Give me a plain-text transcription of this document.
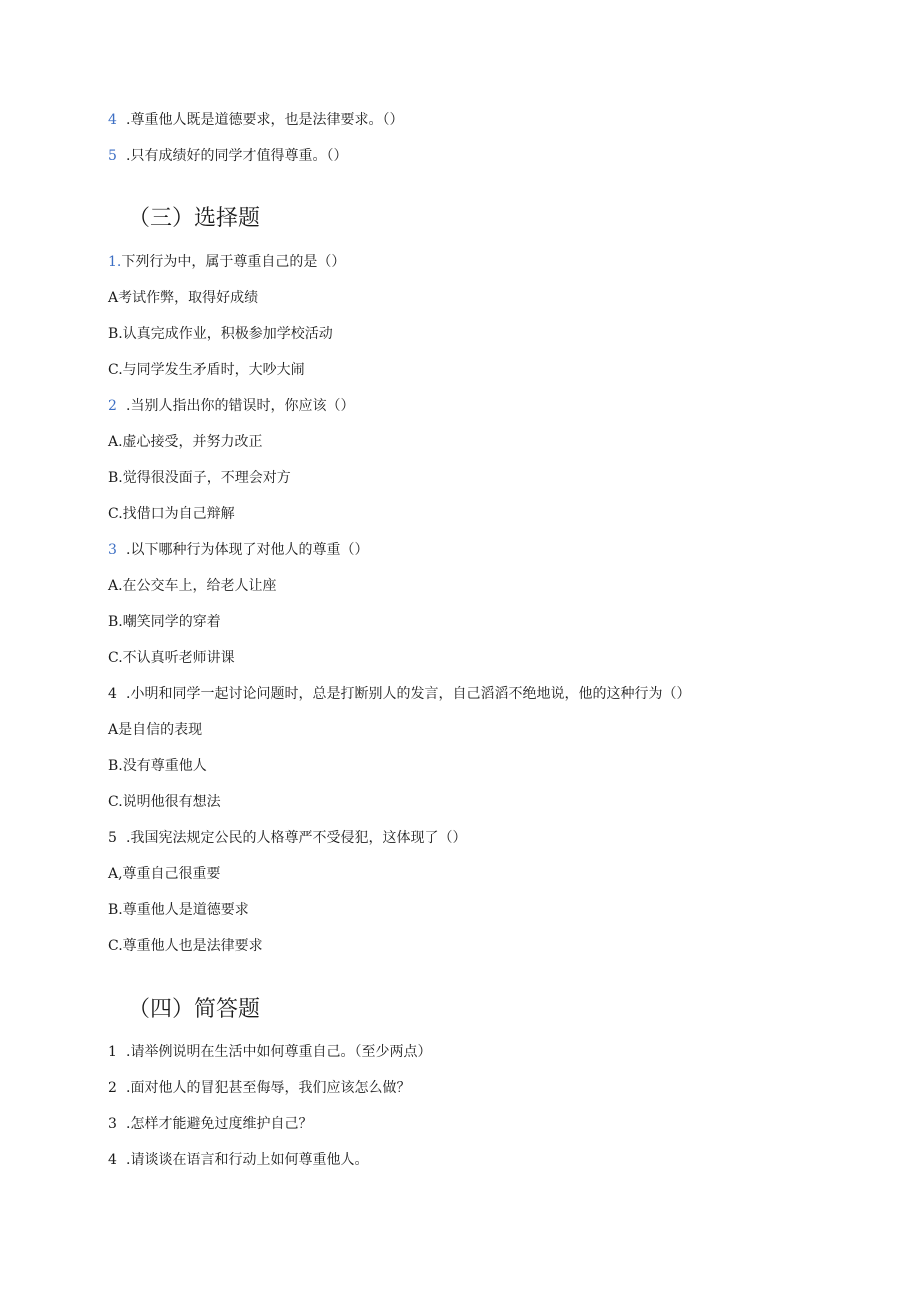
4 .尊重他人既是道德要求，也是法律要求。（）
5 .只有成绩好的同学才值得尊重。（）
（三）选择题
1.下列行为中，属于尊重自己的是（）
A考试作弊，取得好成绩
B.认真完成作业，积极参加学校活动
C.与同学发生矛盾时，大吵大闹
2 .当别人指出你的错误时，你应该（）
A.虚心接受，并努力改正
B.觉得很没面子，不理会对方
C.找借口为自己辩解
3 .以下哪种行为体现了对他人的尊重（）
A.在公交车上，给老人让座
B.嘲笑同学的穿着
C.不认真听老师讲课
4 .小明和同学一起讨论问题时，总是打断别人的发言，自己滔滔不绝地说，他的这种行为（）
A是自信的表现
B.没有尊重他人
C.说明他很有想法
5 .我国宪法规定公民的人格尊严不受侵犯，这体现了（）
A,尊重自己很重要
B.尊重他人是道德要求
C.尊重他人也是法律要求
（四）简答题
1 .请举例说明在生活中如何尊重自己。（至少两点）
2 .面对他人的冒犯甚至侮辱，我们应该怎么做？
3 .怎样才能避免过度维护自己？
4 .请谈谈在语言和行动上如何尊重他人。
